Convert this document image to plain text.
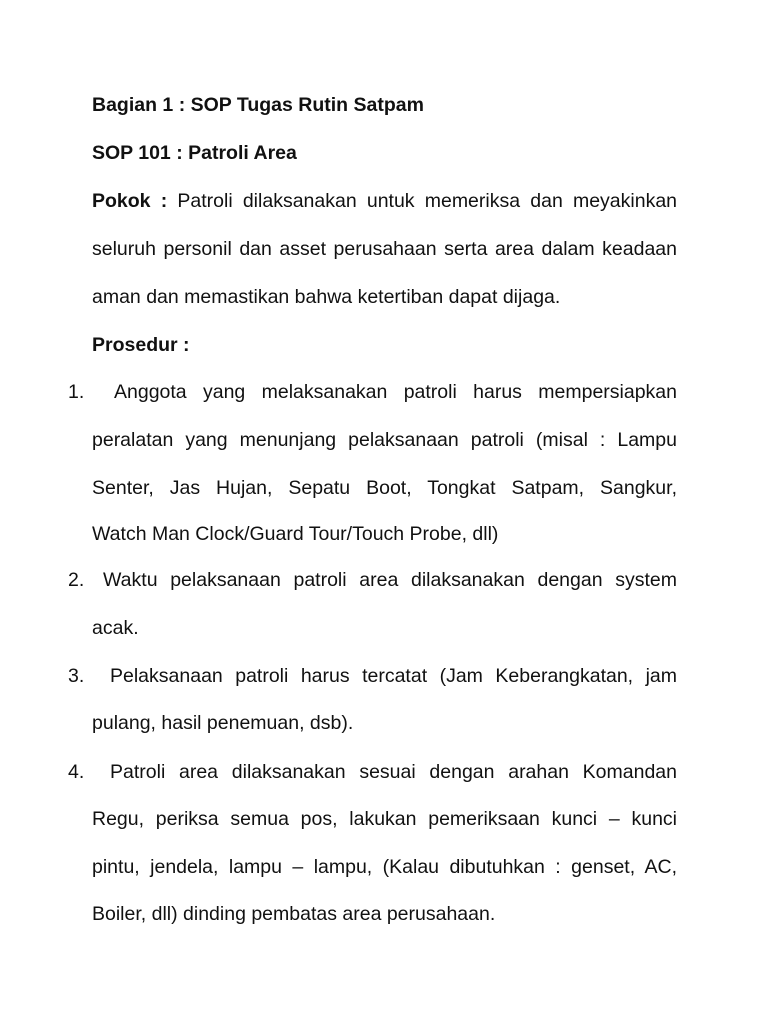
Bagian 1 : SOP Tugas Rutin Satpam
SOP 101 : Patroli Area
Pokok : Patroli dilaksanakan untuk memeriksa dan meyakinkan
seluruh personil dan asset perusahaan serta area dalam keadaan
aman dan memastikan bahwa ketertiban dapat dijaga.
Prosedur :
1. Anggota yang melaksanakan patroli harus mempersiapkan
peralatan yang menunjang pelaksanaan patroli (misal : Lampu
Senter, Jas Hujan, Sepatu Boot, Tongkat Satpam, Sangkur,
Watch Man Clock/Guard Tour/Touch Probe, dll)
2. Waktu pelaksanaan patroli area dilaksanakan dengan system
acak.
3. Pelaksanaan patroli harus tercatat (Jam Keberangkatan, jam
pulang, hasil penemuan, dsb).
4. Patroli area dilaksanakan sesuai dengan arahan Komandan
Regu, periksa semua pos, lakukan pemeriksaan kunci – kunci
pintu, jendela, lampu – lampu, (Kalau dibutuhkan : genset, AC,
Boiler, dll) dinding pembatas area perusahaan.
